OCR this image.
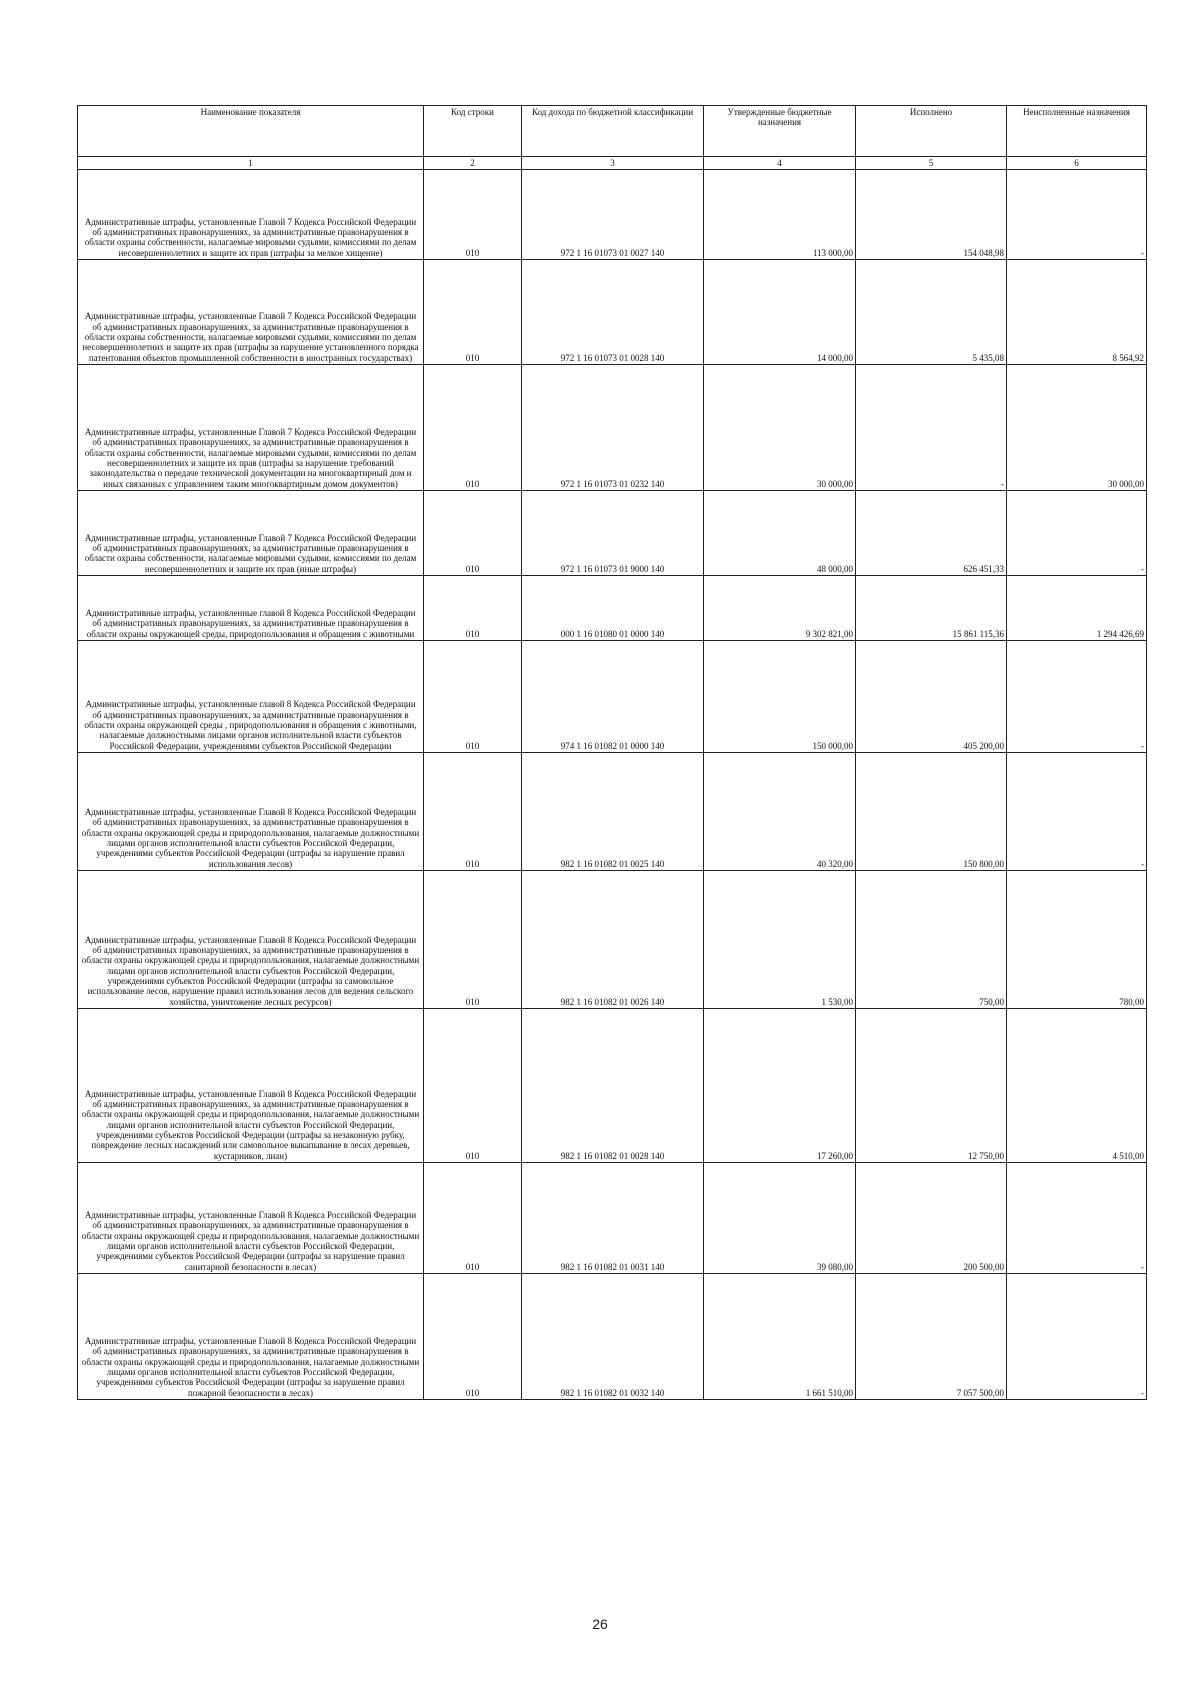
Наименование показателя	Код строки	Код дохода по бюджетной классификации	Утвержденные бюджетные назначения	Исполнено	Неисполненные назначения
1	2	3	4	5	6
Административные штрафы, установленные Главой 7 Кодекса Российской Федерации об административных правонарушениях, за административные правонарушения в области охраны собственности, налагаемые мировыми судьями, комиссиями по делам несовершеннолетних и защите их прав (штрафы за мелкое хищение)	010	972 1 16 01073 01 0027 140	113 000,00	154 048,98	-
Административные штрафы, установленные Главой 7 Кодекса Российской Федерации об административных правонарушениях, за административные правонарушения в области охраны собственности, налагаемые мировыми судьями, комиссиями по делам несовершеннолетних и защите их прав (штрафы за нарушение установленного порядка патентования объектов промышленной собственности в иностранных государствах)	010	972 1 16 01073 01 0028 140	14 000,00	5 435,08	8 564,92
Административные штрафы, установленные Главой 7 Кодекса Российской Федерации об административных правонарушениях, за административные правонарушения в области охраны собственности, налагаемые мировыми судьями, комиссиями по делам несовершеннолетних и защите их прав (штрафы за нарушение требований законодательства о передаче технической документации на многоквартирный дом и иных связанных с управлением таким многоквартирным домом документов)	010	972 1 16 01073 01 0232 140	30 000,00	-	30 000,00
Административные штрафы, установленные Главой 7 Кодекса Российской Федерации об административных правонарушениях, за административные правонарушения в области охраны собственности, налагаемые мировыми судьями, комиссиями по делам несовершеннолетних и защите их прав (иные штрафы)	010	972 1 16 01073 01 9000 140	48 000,00	626 451,33	-
Административные штрафы, установленные главой 8 Кодекса Российской Федерации об административных правонарушениях, за административные правонарушения в области охраны окружающей среды, природопользования и обращения с животными	010	000 1 16 01080 01 0000 140	9 302 821,00	15 861 115,36	1 294 426,69
Административные штрафы, установленные главой 8 Кодекса Российской Федерации об административных правонарушениях, за административные правонарушения в области охраны окружающей среды , природопользования и обращения с животными, налагаемые должностными лицами органов исполнительной власти субъектов Российской Федерации, учреждениями субъектов Российской Федерации	010	974 1 16 01082 01 0000 140	150 000,00	405 200,00	-
Административные штрафы, установленные Главой 8 Кодекса Российской Федерации об административных правонарушениях, за административные правонарушения в области охраны окружающей среды и природопользования, налагаемые должностными лицами органов исполнительной власти субъектов Российской Федерации, учреждениями субъектов Российской Федерации (штрафы за нарушение правил использования лесов)	010	982 1 16 01082 01 0025 140	40 320,00	150 800,00	-
Административные штрафы, установленные Главой 8 Кодекса Российской Федерации об административных правонарушениях, за административные правонарушения в области охраны окружающей среды и природопользования, налагаемые должностными лицами органов исполнительной власти субъектов Российской Федерации, учреждениями субъектов Российской Федерации (штрафы за самовольное использование лесов, нарушение правил использования лесов для ведения сельского хозяйства, уничтожение лесных ресурсов)	010	982 1 16 01082 01 0026 140	1 530,00	750,00	780,00
Административные штрафы, установленные Главой 8 Кодекса Российской Федерации об административных правонарушениях, за административные правонарушения в области охраны окружающей среды и природопользования, налагаемые должностными лицами органов исполнительной власти субъектов Российской Федерации, учреждениями субъектов Российской Федерации (штрафы за незаконную рубку, повреждение лесных насаждений или самовольное выкапывание в лесах деревьев, кустарников, лиан)	010	982 1 16 01082 01 0028 140	17 260,00	12 750,00	4 510,00
Административные штрафы, установленные Главой 8 Кодекса Российской Федерации об административных правонарушениях, за административные правонарушения в области охраны окружающей среды и природопользования, налагаемые должностными лицами органов исполнительной власти субъектов Российской Федерации, учреждениями субъектов Российской Федерации (штрафы за нарушение правил санитарной безопасности в лесах)	010	982 1 16 01082 01 0031 140	39 080,00	200 500,00	-
Административные штрафы, установленные Главой 8 Кодекса Российской Федерации об административных правонарушениях, за административные правонарушения в области охраны окружающей среды и природопользования, налагаемые должностными лицами органов исполнительной власти субъектов Российской Федерации, учреждениями субъектов Российской Федерации (штрафы за нарушение правил пожарной безопасности в лесах)	010	982 1 16 01082 01 0032 140	1 661 510,00	7 057 500,00	-
26
